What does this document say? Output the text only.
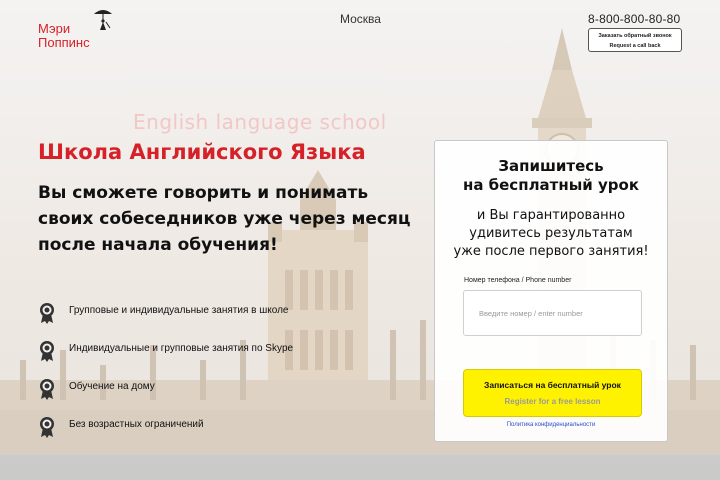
Мэри
Поппинс
Москва	8-800-800-80-80
Заказать обратный звонок
Request a call back
English language school
Школа Английского Языка
Вы сможете говорить и понимать
своих собеседников уже через месяц
после начала обучения!
Групповые и индивидуальные занятия в школе
Индивидуальные и групповые занятия по Skype
Обучение на дому
Без возрастных ограничений
Запишитесь
на бесплатный урок
и Вы гарантированно
удивитесь результатам
уже после первого занятия!
Номер телефона / Phone number
Введите номер / enter number
Записаться на бесплатный урок
Register for a free lesson
Политика конфиденциальности
